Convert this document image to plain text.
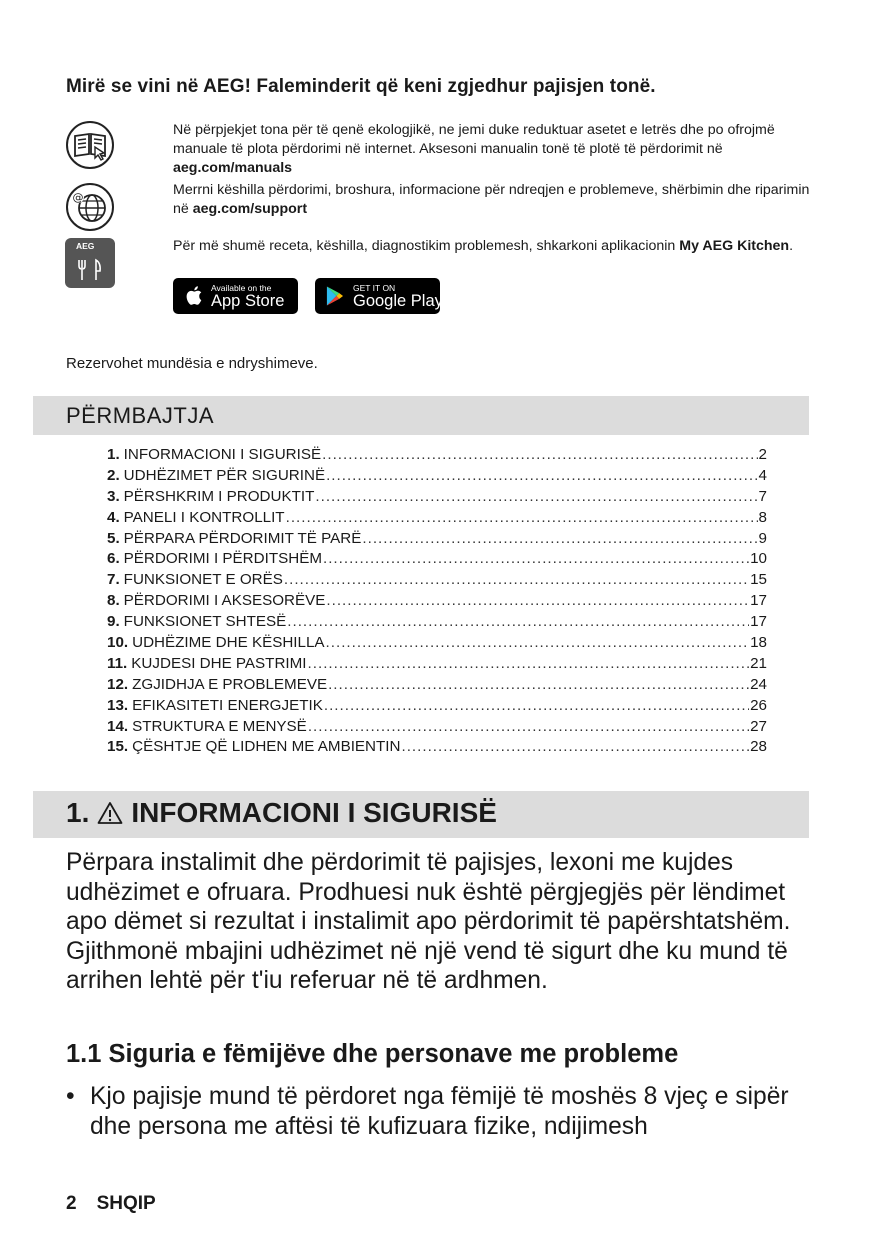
Mirë se vini në AEG! Faleminderit që keni zgjedhur pajisjen tonë.
Në përpjekjet tona për të qenë ekologjikë, ne jemi duke reduktuar asetet e letrës dhe po ofrojmë manuale të plota përdorimi në internet. Aksesoni manualin tonë të plotë të përdorimit në aeg.com/manuals
@	Merrni këshilla përdorimi, broshura, informacione për ndreqjen e problemeve, shërbimin dhe riparimin në aeg.com/support
AEG	Për më shumë receta, këshilla, diagnostikim problemesh, shkarkoni aplikacionin My AEG Kitchen.
Available on the
App Store
GET IT ON
Google Play
Rezervohet mundësia e ndryshimeve.
PËRMBAJTJA
1. INFORMACIONI I SIGURISË .....	2
2. UDHËZIMET PËR SIGURINË .....	4
3. PËRSHKRIM I PRODUKTIT .....	7
4. PANELI I KONTROLLIT .....	8
5. PËRPARA PËRDORIMIT TË PARË .....	9
6. PËRDORIMI I PËRDITSHËM .....	10
7. FUNKSIONET E ORËS .....	15
8. PËRDORIMI I AKSESORËVE .....	17
9. FUNKSIONET SHTESË .....	17
10. UDHËZIME DHE KËSHILLA .....	18
11. KUJDESI DHE PASTRIMI .....	21
12. ZGJIDHJA E PROBLEMEVE .....	24
13. EFIKASITETI ENERGJETIK .....	26
14. STRUKTURA E MENYSË .....	27
15. ÇËSHTJE QË LIDHEN ME AMBIENTIN .....	28
1. INFORMACIONI I SIGURISË

Përpara instalimit dhe përdorimit të pajisjes, lexoni me kujdes udhëzimet e ofruara. Prodhuesi nuk është përgjegjës për lëndimet apo dëmet si rezultat i instalimit apo përdorimit të papërshtatshëm. Gjithmonë mbajini udhëzimet në një vend të sigurt dhe ku mund të arrihen lehtë për t'iu referuar në të ardhmen.

1.1 Siguria e fëmijëve dhe personave me probleme
• Kjo pajisje mund të përdoret nga fëmijë të moshës 8 vjeç e sipër dhe persona me aftësi të kufizuara fizike, ndijimesh
2 SHQIP
